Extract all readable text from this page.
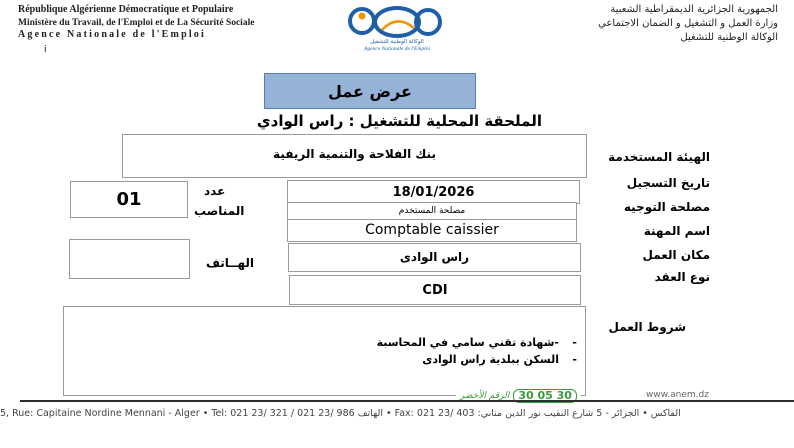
République Algérienne Démocratique et Populaire
Ministère du Travail, de l'Emploi et de La Sécurité Sociale
Agence Nationale de l'Emploi
الجمهورية الجزائرية الديمقراطية الشعبية
وزارة العمل و التشغيل و الضمان الاجتماعي
الوكالة الوطنية للتشغيل
الوكالة الوطنية للتشغيل
Agence Nationale de l'Emploi
i
عرض عمل
الملحقة المحلية للتشغيل : راس الوادي
الهيئة المستخدمة
تاريخ التسجيل
مصلحة التوجيه
اسم المهنة
مكان العمل
نوع العقد
شروط العمل
بنك الفلاحة والتنمية الريفية
18/01/2026
مصلحة المستخدم
Comptable caissier
راس الوادى
CDI
01	عدد
المناصب
الهــاتف
--شهادة تقني سامي في المحاسبة
-السكن ببلدية راس الوادى
الرقم الأخضر 30 05 30	www.anem.dz
5, Rue: Capitaine Nordine Mennani - Alger • Tel: 021 23/ 321 / 021 23/ 986 الهاتف • Fax: 021 23/ 403 :الفاكس • الجزائر - 5 شارع النقيب نور الدين مناني
